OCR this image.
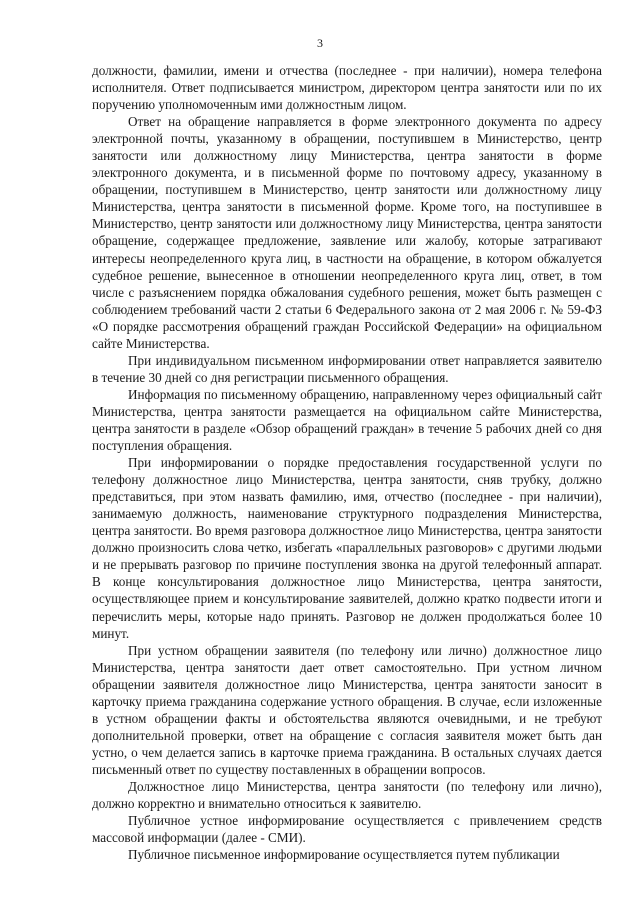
3

должности, фамилии, имени и отчества (последнее - при наличии), номера телефона исполнителя. Ответ подписывается министром, директором центра занятости или по их поручению уполномоченным ими должностным лицом.

Ответ на обращение направляется в форме электронного документа по адресу электронной почты, указанному в обращении, поступившем в Министерство, центр занятости или должностному лицу Министерства, центра занятости в форме электронного документа, и в письменной форме по почтовому адресу, указанному в обращении, поступившем в Министерство, центр занятости или должностному лицу Министерства, центра занятости в письменной форме. Кроме того, на поступившее в Министерство, центр занятости или должностному лицу Министерства, центра занятости обращение, содержащее предложение, заявление или жалобу, которые затрагивают интересы неопределенного круга лиц, в частности на обращение, в котором обжалуется судебное решение, вынесенное в отношении неопределенного круга лиц, ответ, в том числе с разъяснением порядка обжалования судебного решения, может быть размещен с соблюдением требований части 2 статьи 6 Федерального закона от 2 мая 2006 г. № 59-ФЗ «О порядке рассмотрения обращений граждан Российской Федерации» на официальном сайте Министерства.

При индивидуальном письменном информировании ответ направляется заявителю в течение 30 дней со дня регистрации письменного обращения.

Информация по письменному обращению, направленному через официальный сайт Министерства, центра занятости размещается на официальном сайте Министерства, центра занятости в разделе «Обзор обращений граждан» в течение 5 рабочих дней со дня поступления обращения.

При информировании о порядке предоставления государственной услуги по телефону должностное лицо Министерства, центра занятости, сняв трубку, должно представиться, при этом назвать фамилию, имя, отчество (последнее - при наличии), занимаемую должность, наименование структурного подразделения Министерства, центра занятости. Во время разговора должностное лицо Министерства, центра занятости должно произносить слова четко, избегать «параллельных разговоров» с другими людьми и не прерывать разговор по причине поступления звонка на другой телефонный аппарат. В конце консультирования должностное лицо Министерства, центра занятости, осуществляющее прием и консультирование заявителей, должно кратко подвести итоги и перечислить меры, которые надо принять. Разговор не должен продолжаться более 10 минут.

При устном обращении заявителя (по телефону или лично) должностное лицо Министерства, центра занятости дает ответ самостоятельно. При устном личном обращении заявителя должностное лицо Министерства, центра занятости заносит в карточку приема гражданина содержание устного обращения. В случае, если изложенные в устном обращении факты и обстоятельства являются очевидными, и не требуют дополнительной проверки, ответ на обращение с согласия заявителя может быть дан устно, о чем делается запись в карточке приема гражданина. В остальных случаях дается письменный ответ по существу поставленных в обращении вопросов.

Должностное лицо Министерства, центра занятости (по телефону или лично), должно корректно и внимательно относиться к заявителю.

Публичное устное информирование осуществляется с привлечением средств массовой информации (далее - СМИ).

Публичное письменное информирование осуществляется путем публикации
